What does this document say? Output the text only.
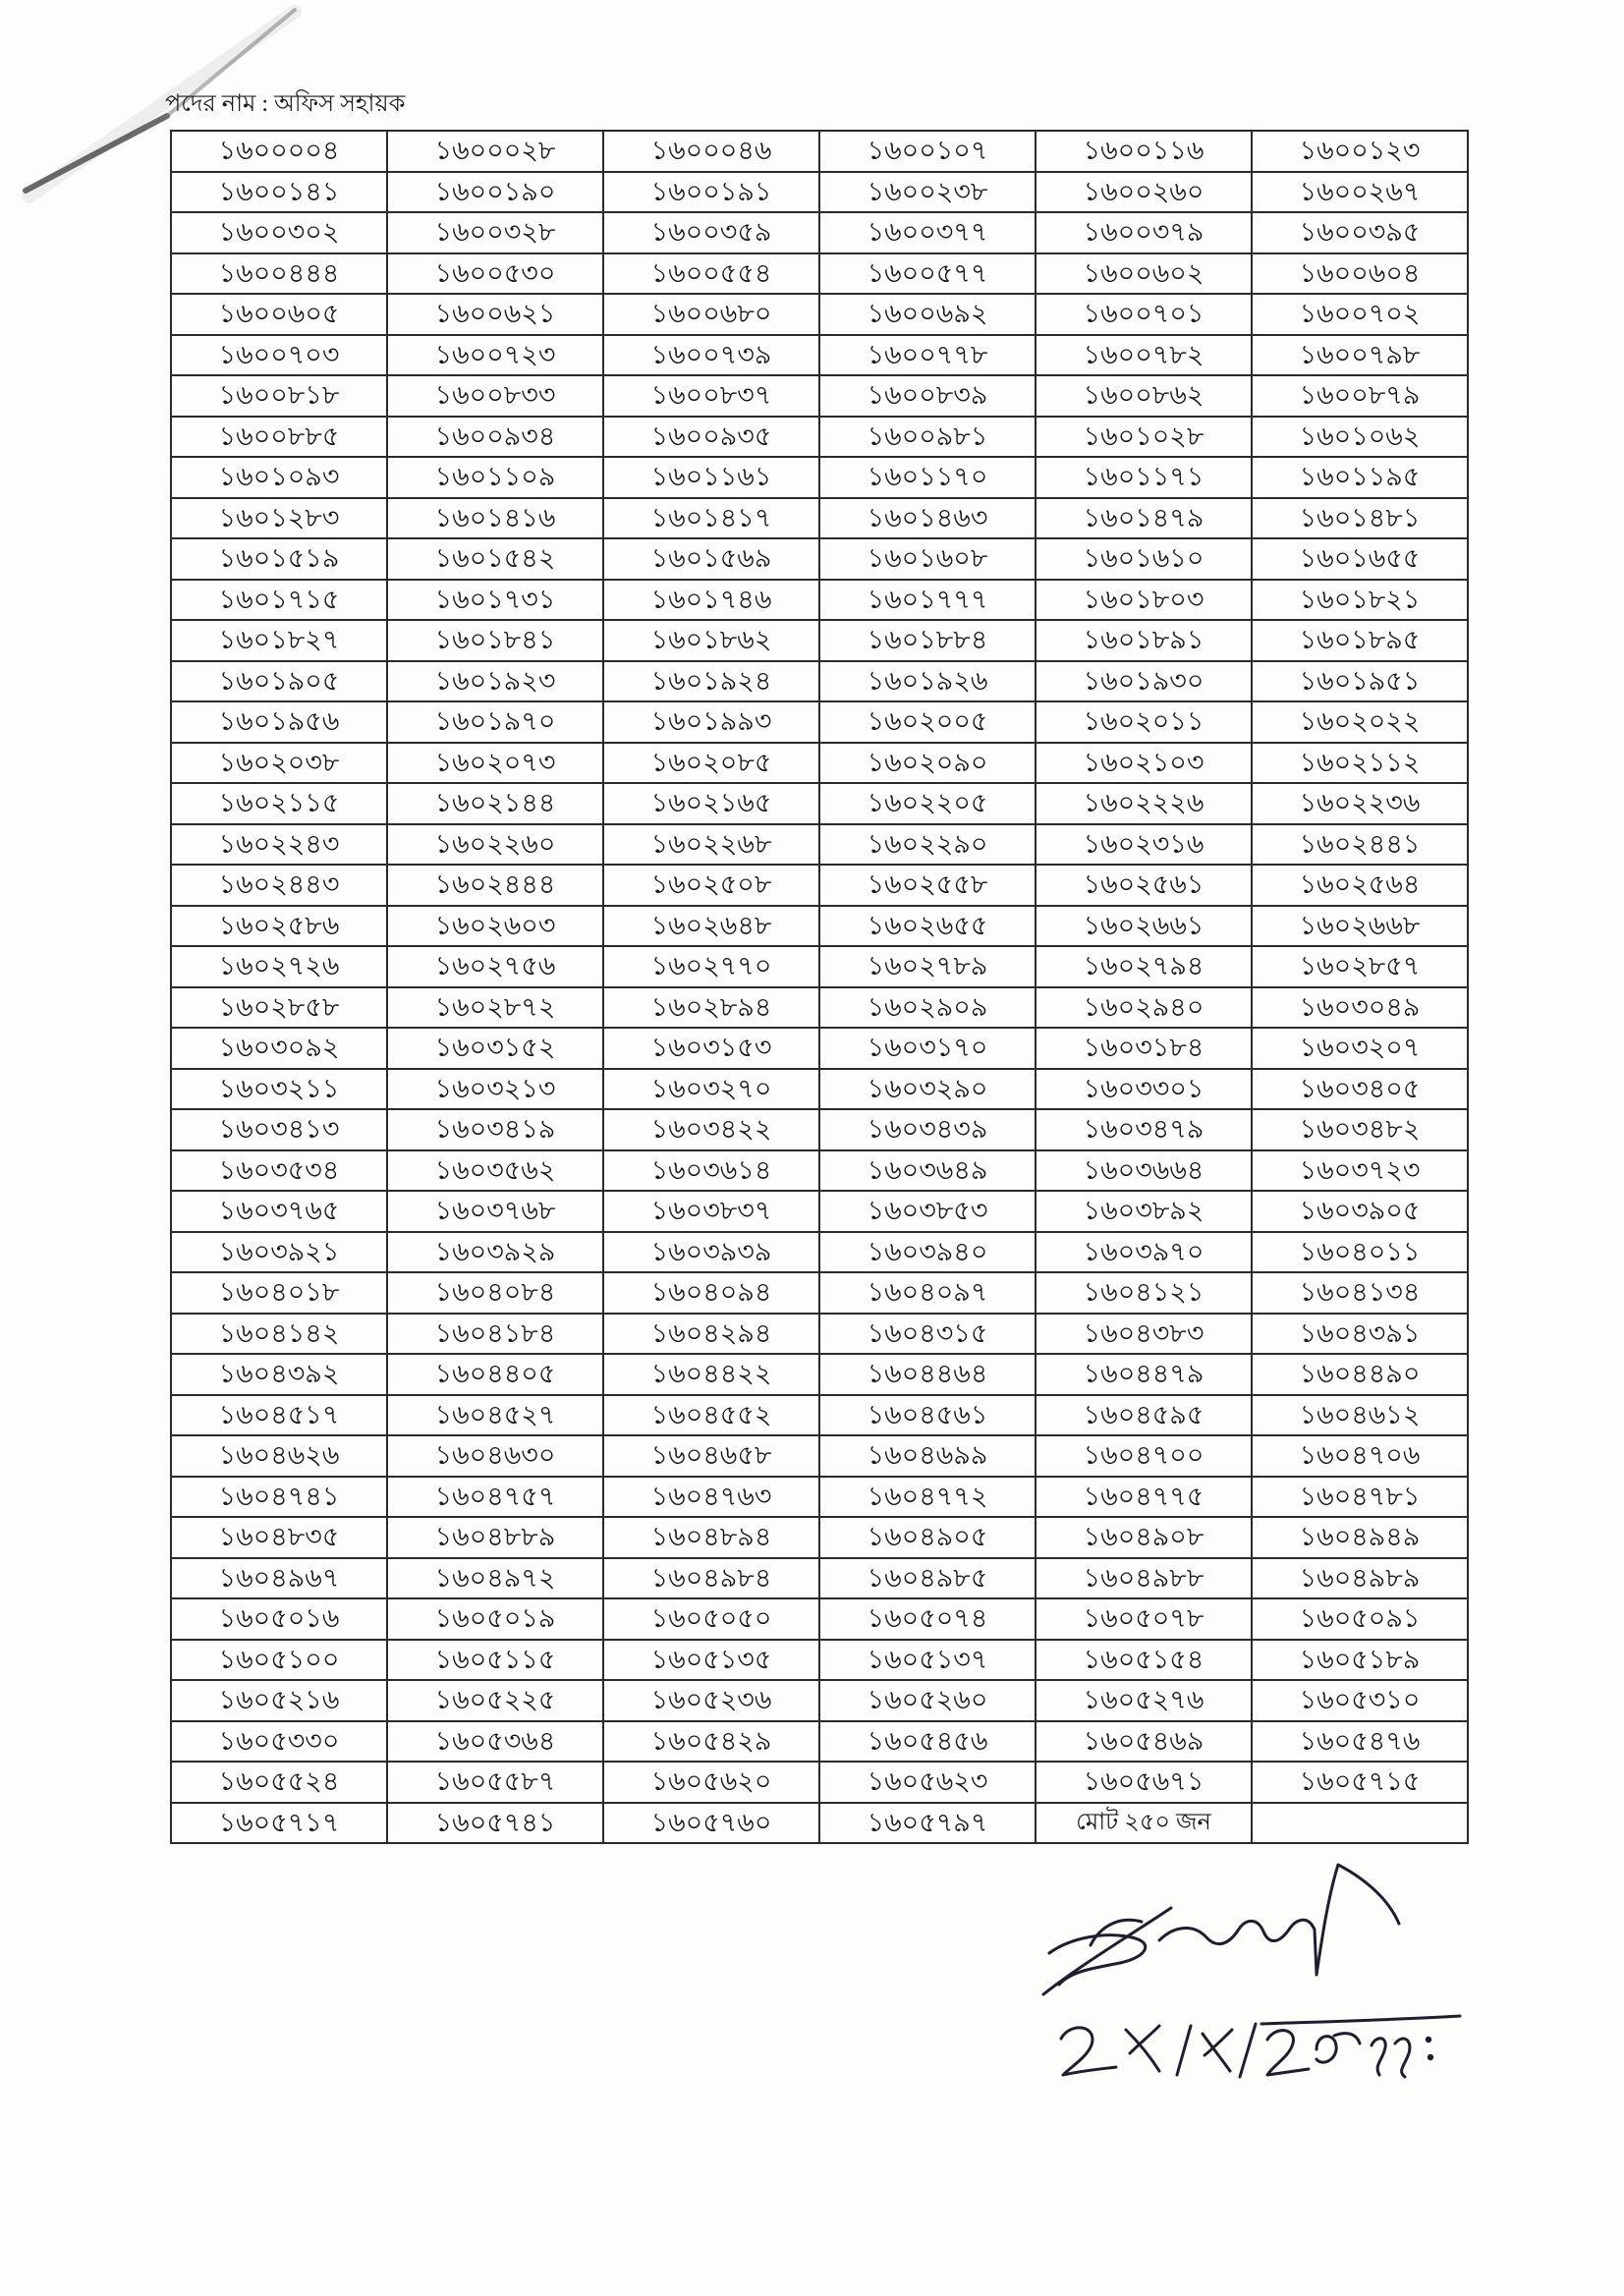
পদের নাম : অফিস সহায়ক
১৬০০০০৪	১৬০০০২৮	১৬০০০৪৬	১৬০০১০৭	১৬০০১১৬	১৬০০১২৩
১৬০০১৪১	১৬০০১৯০	১৬০০১৯১	১৬০০২৩৮	১৬০০২৬০	১৬০০২৬৭
১৬০০৩০২	১৬০০৩২৮	১৬০০৩৫৯	১৬০০৩৭৭	১৬০০৩৭৯	১৬০০৩৯৫
১৬০০৪৪৪	১৬০০৫৩০	১৬০০৫৫৪	১৬০০৫৭৭	১৬০০৬০২	১৬০০৬০৪
১৬০০৬০৫	১৬০০৬২১	১৬০০৬৮০	১৬০০৬৯২	১৬০০৭০১	১৬০০৭০২
১৬০০৭০৩	১৬০০৭২৩	১৬০০৭৩৯	১৬০০৭৭৮	১৬০০৭৮২	১৬০০৭৯৮
১৬০০৮১৮	১৬০০৮৩৩	১৬০০৮৩৭	১৬০০৮৩৯	১৬০০৮৬২	১৬০০৮৭৯
১৬০০৮৮৫	১৬০০৯৩৪	১৬০০৯৩৫	১৬০০৯৮১	১৬০১০২৮	১৬০১০৬২
১৬০১০৯৩	১৬০১১০৯	১৬০১১৬১	১৬০১১৭০	১৬০১১৭১	১৬০১১৯৫
১৬০১২৮৩	১৬০১৪১৬	১৬০১৪১৭	১৬০১৪৬৩	১৬০১৪৭৯	১৬০১৪৮১
১৬০১৫১৯	১৬০১৫৪২	১৬০১৫৬৯	১৬০১৬০৮	১৬০১৬১০	১৬০১৬৫৫
১৬০১৭১৫	১৬০১৭৩১	১৬০১৭৪৬	১৬০১৭৭৭	১৬০১৮০৩	১৬০১৮২১
১৬০১৮২৭	১৬০১৮৪১	১৬০১৮৬২	১৬০১৮৮৪	১৬০১৮৯১	১৬০১৮৯৫
১৬০১৯০৫	১৬০১৯২৩	১৬০১৯২৪	১৬০১৯২৬	১৬০১৯৩০	১৬০১৯৫১
১৬০১৯৫৬	১৬০১৯৭০	১৬০১৯৯৩	১৬০২০০৫	১৬০২০১১	১৬০২০২২
১৬০২০৩৮	১৬০২০৭৩	১৬০২০৮৫	১৬০২০৯০	১৬০২১০৩	১৬০২১১২
১৬০২১১৫	১৬০২১৪৪	১৬০২১৬৫	১৬০২২০৫	১৬০২২২৬	১৬০২২৩৬
১৬০২২৪৩	১৬০২২৬০	১৬০২২৬৮	১৬০২২৯০	১৬০২৩১৬	১৬০২৪৪১
১৬০২৪৪৩	১৬০২৪৪৪	১৬০২৫০৮	১৬০২৫৫৮	১৬০২৫৬১	১৬০২৫৬৪
১৬০২৫৮৬	১৬০২৬০৩	১৬০২৬৪৮	১৬০২৬৫৫	১৬০২৬৬১	১৬০২৬৬৮
১৬০২৭২৬	১৬০২৭৫৬	১৬০২৭৭০	১৬০২৭৮৯	১৬০২৭৯৪	১৬০২৮৫৭
১৬০২৮৫৮	১৬০২৮৭২	১৬০২৮৯৪	১৬০২৯০৯	১৬০২৯৪০	১৬০৩০৪৯
১৬০৩০৯২	১৬০৩১৫২	১৬০৩১৫৩	১৬০৩১৭০	১৬০৩১৮৪	১৬০৩২০৭
১৬০৩২১১	১৬০৩২১৩	১৬০৩২৭০	১৬০৩২৯০	১৬০৩৩০১	১৬০৩৪০৫
১৬০৩৪১৩	১৬০৩৪১৯	১৬০৩৪২২	১৬০৩৪৩৯	১৬০৩৪৭৯	১৬০৩৪৮২
১৬০৩৫৩৪	১৬০৩৫৬২	১৬০৩৬১৪	১৬০৩৬৪৯	১৬০৩৬৬৪	১৬০৩৭২৩
১৬০৩৭৬৫	১৬০৩৭৬৮	১৬০৩৮৩৭	১৬০৩৮৫৩	১৬০৩৮৯২	১৬০৩৯০৫
১৬০৩৯২১	১৬০৩৯২৯	১৬০৩৯৩৯	১৬০৩৯৪০	১৬০৩৯৭০	১৬০৪০১১
১৬০৪০১৮	১৬০৪০৮৪	১৬০৪০৯৪	১৬০৪০৯৭	১৬০৪১২১	১৬০৪১৩৪
১৬০৪১৪২	১৬০৪১৮৪	১৬০৪২৯৪	১৬০৪৩১৫	১৬০৪৩৮৩	১৬০৪৩৯১
১৬০৪৩৯২	১৬০৪৪০৫	১৬০৪৪২২	১৬০৪৪৬৪	১৬০৪৪৭৯	১৬০৪৪৯০
১৬০৪৫১৭	১৬০৪৫২৭	১৬০৪৫৫২	১৬০৪৫৬১	১৬০৪৫৯৫	১৬০৪৬১২
১৬০৪৬২৬	১৬০৪৬৩০	১৬০৪৬৫৮	১৬০৪৬৯৯	১৬০৪৭০০	১৬০৪৭০৬
১৬০৪৭৪১	১৬০৪৭৫৭	১৬০৪৭৬৩	১৬০৪৭৭২	১৬০৪৭৭৫	১৬০৪৭৮১
১৬০৪৮৩৫	১৬০৪৮৮৯	১৬০৪৮৯৪	১৬০৪৯০৫	১৬০৪৯০৮	১৬০৪৯৪৯
১৬০৪৯৬৭	১৬০৪৯৭২	১৬০৪৯৮৪	১৬০৪৯৮৫	১৬০৪৯৮৮	১৬০৪৯৮৯
১৬০৫০১৬	১৬০৫০১৯	১৬০৫০৫০	১৬০৫০৭৪	১৬০৫০৭৮	১৬০৫০৯১
১৬০৫১০০	১৬০৫১১৫	১৬০৫১৩৫	১৬০৫১৩৭	১৬০৫১৫৪	১৬০৫১৮৯
১৬০৫২১৬	১৬০৫২২৫	১৬০৫২৩৬	১৬০৫২৬০	১৬০৫২৭৬	১৬০৫৩১০
১৬০৫৩৩০	১৬০৫৩৬৪	১৬০৫৪২৯	১৬০৫৪৫৬	১৬০৫৪৬৯	১৬০৫৪৭৬
১৬০৫৫২৪	১৬০৫৫৮৭	১৬০৫৬২০	১৬০৫৬২৩	১৬০৫৬৭১	১৬০৫৭১৫
১৬০৫৭১৭	১৬০৫৭৪১	১৬০৫৭৬০	১৬০৫৭৯৭	মোট ২৫০ জন	
